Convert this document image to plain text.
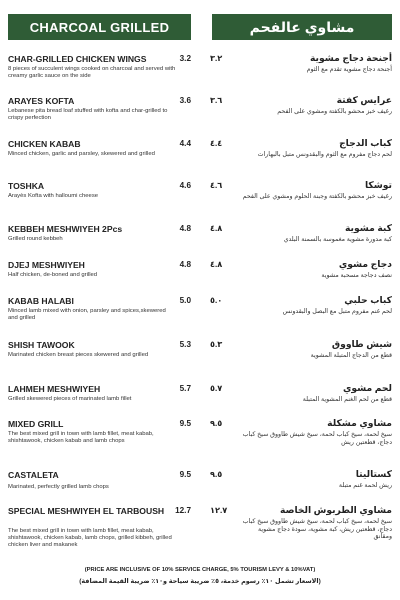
CHARCOAL GRILLED	مشاوي عالفحم
CHAR-GRILLED CHICKEN WINGS	3.2
8 pieces of succulent wings cooked on charcoal and served with creamy garlic sauce on the side
٣.٢	أجنحة دجاج مشوية
أجنحة دجاج مشوية تقدم مع الثوم
ARAYES KOFTA	3.6
Lebanese pita bread loaf stuffed with kofta and char-grilled to crispy perfection
٣.٦	عرايس كفتة
رغيف خبز محشو بالكفتة ومشوي على الفحم
CHICKEN KABAB	4.4
Minced chicken, garlic and parsley, skewered and grilled
٤.٤	كباب الدجاج
لحم دجاج مفروم مع الثوم والبقدونس متبل بالبهارات
TOSHKA	4.6
Arayès Kofta with halloumi cheese
٤.٦	توشكا
رغيف خبز محشو بالكفتة وجبنة الحلوم ومشوي على الفحم
KEBBEH MESHWIYEH 2Pcs	4.8
Grilled round kebbeh
٤.٨	كبة مشوية
كبة مدورة مشوية مغموسة بالسمنة البلدي
DJEJ MESHWIYEH	4.8
Half chicken, de-boned and grilled
٤.٨	دجاج مشوي
نصف دجاجة مسحبة مشوية
KABAB HALABI	5.0
Minced lamb mixed with onion, parsley and spices,skewered and grilled
٥.٠	كباب حلبي
لحم غنم مفروم متبل مع البصل والبقدونس
SHISH TAWOOK	5.3
Marinated chicken breast pieces skewered and grilled
٥.٣	شيش طاووق
قطع من الدجاج المتبلة المشوية
LAHMEH MESHWIYEH	5.7
Grilled skewered pieces of marinated lamb fillet
٥.٧	لحم مشوي
قطع من لحم الغنم المشوية المتبلة
MIXED GRILL	9.5
The best mixed grill in town with lamb fillet, meat kabab, shishtawook, chicken kabab and lamb chops
٩.٥	مشاوي مشكلة
سيخ لحمة، سيخ كباب لحمة، سيخ شيش طاووق سيخ كباب دجاج، قطعتين ريش
CASTALETA	9.5
Marinated, perfectly grilled lamb chops
٩.٥	كستاليتا
ريش لحمة غنم متبلة
SPECIAL MESHWIYEH EL TARBOUSH 12.7
The best mixed grill in town with lamb fillet, meat kabab, shishtawook, chicken kabab, lamb chops, grilled kibbeh, grilled chicken liver and makanek
١٢.٧	مشاوي الطربوش الخاصة
سيخ لحمة، سيخ كباب لحمة، سيخ شيش طاووق سيخ كباب دجاج، قطعتين ريش، كبة مشوية، سودة دجاج مشوية ومقانق
(PRICE ARE INCLUSIVE OF 10% SERVICE CHARGE, 5% TOURISM LEVY & 10%VAT)
(الاسعار تشمل ١٠٪ رسوم خدمة، ٥٪ ضريبة سياحة و١٠٪ ضريبة القيمة المضافة)
